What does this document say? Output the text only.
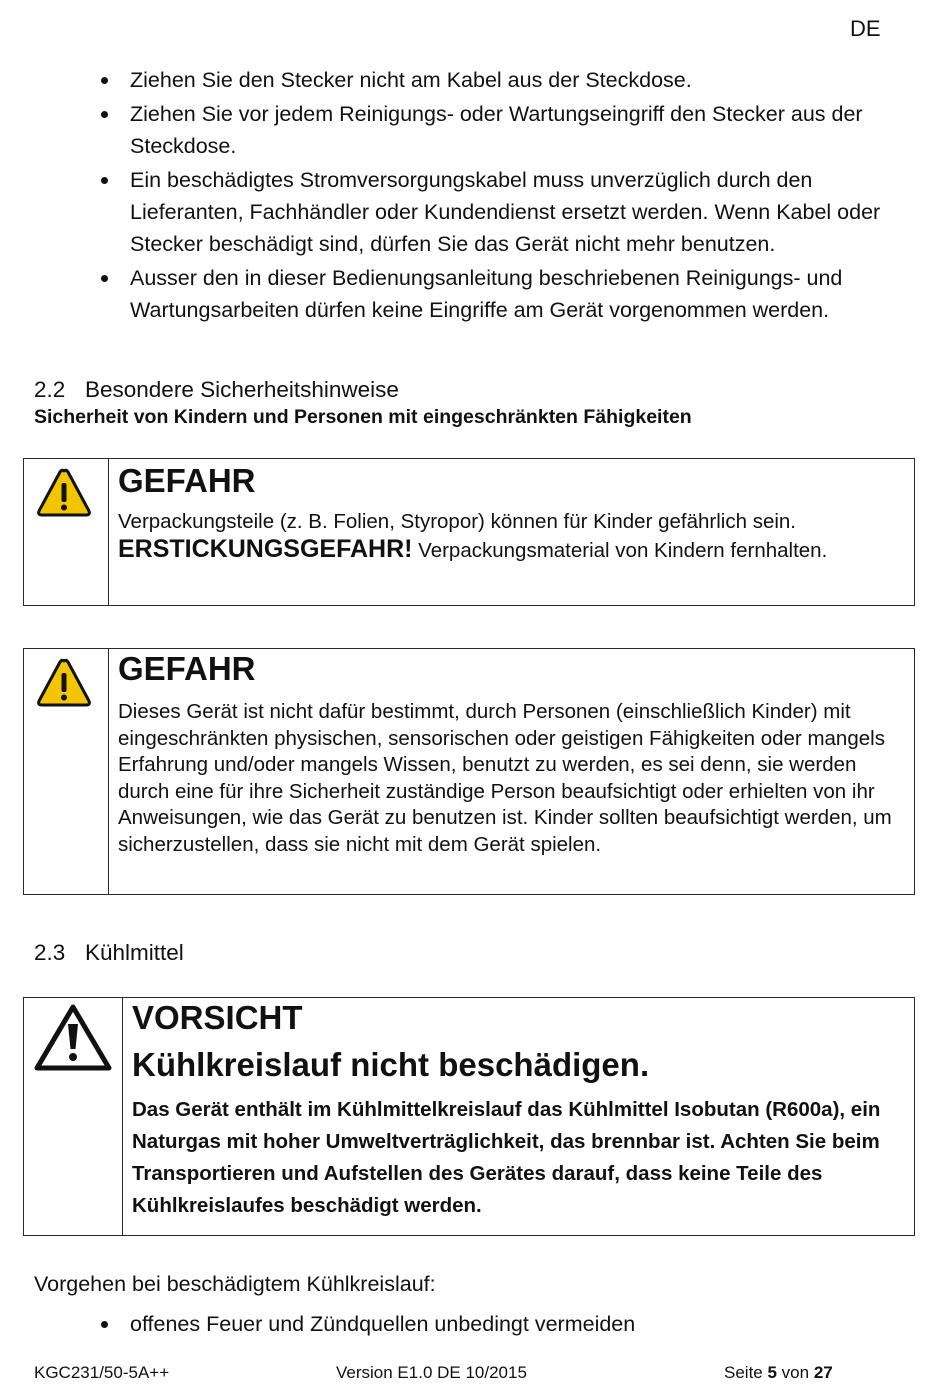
DE
Ziehen Sie den Stecker nicht am Kabel aus der Steckdose.
Ziehen Sie vor jedem Reinigungs- oder Wartungseingriff den Stecker aus der Steckdose.
Ein beschädigtes Stromversorgungskabel muss unverzüglich durch den Lieferanten, Fachhändler oder Kundendienst ersetzt werden. Wenn Kabel oder Stecker beschädigt sind, dürfen Sie das Gerät nicht mehr benutzen.
Ausser den in dieser Bedienungsanleitung beschriebenen Reinigungs- und Wartungsarbeiten dürfen keine Eingriffe am Gerät vorgenommen werden.
2.2 Besondere Sicherheitshinweise
Sicherheit von Kindern und Personen mit eingeschränkten Fähigkeiten
GEFAHR
Verpackungsteile (z. B. Folien, Styropor) können für Kinder gefährlich sein.
ERSTICKUNGSGEFAHR! Verpackungsmaterial von Kindern fernhalten.
GEFAHR
Dieses Gerät ist nicht dafür bestimmt, durch Personen (einschließlich Kinder) mit eingeschränkten physischen, sensorischen oder geistigen Fähigkeiten oder mangels Erfahrung und/oder mangels Wissen, benutzt zu werden, es sei denn, sie werden durch eine für ihre Sicherheit zuständige Person beaufsichtigt oder erhielten von ihr Anweisungen, wie das Gerät zu benutzen ist. Kinder sollten beaufsichtigt werden, um sicherzustellen, dass sie nicht mit dem Gerät spielen.
2.3 Kühlmittel
VORSICHT
Kühlkreislauf nicht beschädigen.
Das Gerät enthält im Kühlmittelkreislauf das Kühlmittel Isobutan (R600a), ein Naturgas mit hoher Umweltverträglichkeit, das brennbar ist. Achten Sie beim Transportieren und Aufstellen des Gerätes darauf, dass keine Teile des Kühlkreislaufes beschädigt werden.
Vorgehen bei beschädigtem Kühlkreislauf:
offenes Feuer und Zündquellen unbedingt vermeiden
KGC231/50-5A++	Version E1.0 DE 10/2015	Seite 5 von 27
